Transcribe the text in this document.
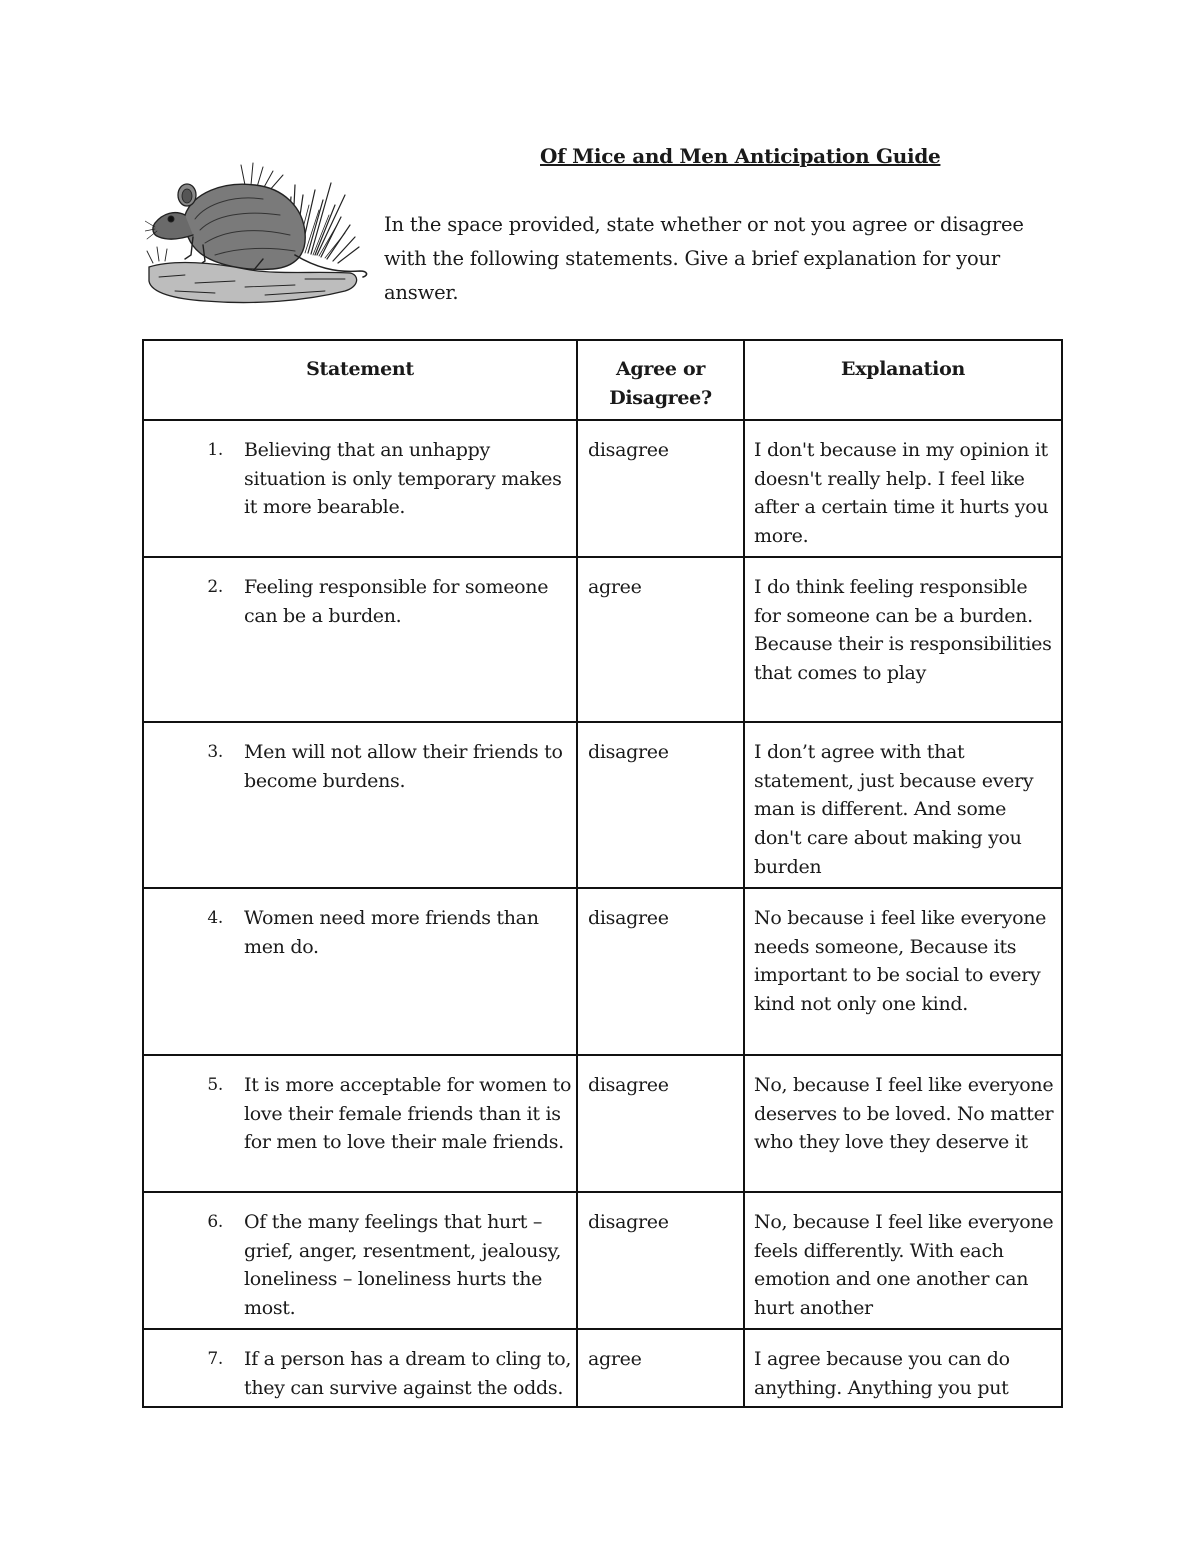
Of Mice and Men Anticipation Guide
In the space provided, state whether or not you agree or disagree with the following statements. Give a brief explanation for your answer.
Statement	Agree or Disagree?	Explanation

1. Believing that an unhappy situation is only temporary makes it more bearable.	disagree	I don't because in my opinion it doesn't really help. I feel like after a certain time it hurts you more.

2. Feeling responsible for someone can be a burden.	agree	I do think feeling responsible for someone can be a burden. Because their is responsibilities that comes to play

3. Men will not allow their friends to become burdens.	disagree	I don’t agree with that statement, just because every man is different. And some don't care about making you burden

4. Women need more friends than men do.	disagree	No because i feel like everyone needs someone, Because its important to be social to every kind not only one kind.

5. It is more acceptable for women to love their female friends than it is for men to love their male friends.	disagree	No, because I feel like everyone deserves to be loved. No matter who they love they deserve it

6. Of the many feelings that hurt – grief, anger, resentment, jealousy, loneliness – loneliness hurts the most.	disagree	No, because I feel like everyone feels differently. With each emotion and one another can hurt another

7. If a person has a dream to cling to, they can survive against the odds.	agree	I agree because you can do anything. Anything you put
